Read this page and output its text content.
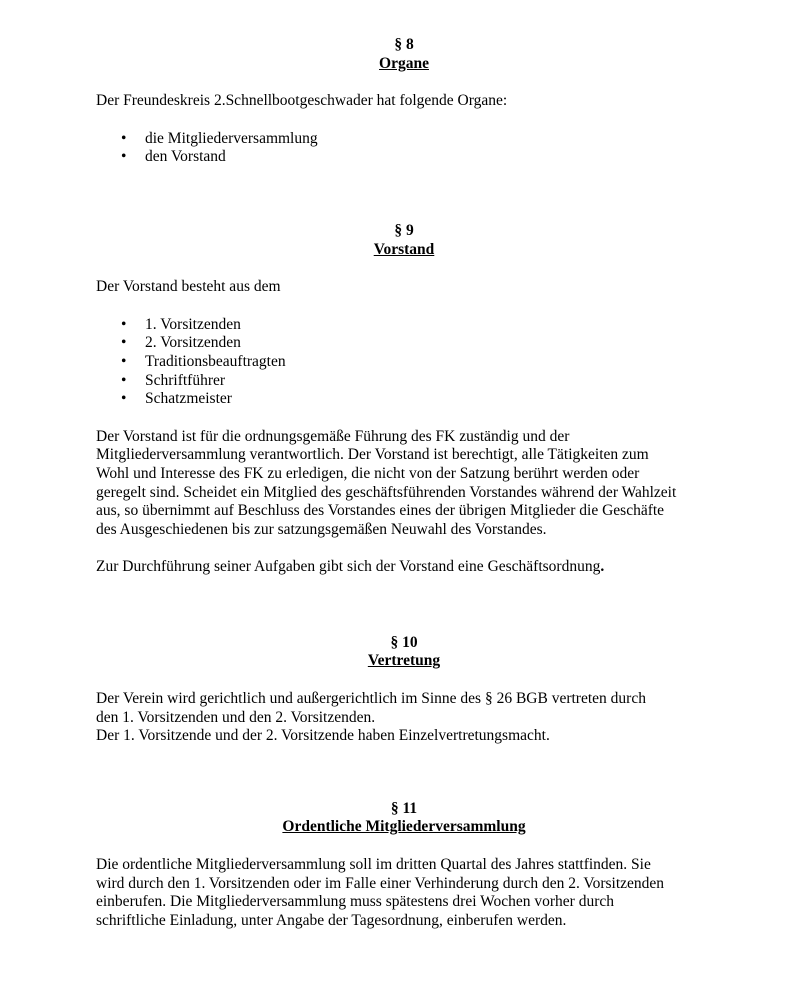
§ 8
Organe
Der Freundeskreis 2.Schnellbootgeschwader hat folgende Organe:
• die Mitgliederversammlung
• den Vorstand
§ 9
Vorstand
Der Vorstand besteht aus dem
• 1. Vorsitzenden
• 2. Vorsitzenden
• Traditionsbeauftragten
• Schriftführer
• Schatzmeister
Der Vorstand ist für die ordnungsgemäße Führung des FK zuständig und der
Mitgliederversammlung verantwortlich. Der Vorstand ist berechtigt, alle Tätigkeiten zum
Wohl und Interesse des FK zu erledigen, die nicht von der Satzung berührt werden oder
geregelt sind. Scheidet ein Mitglied des geschäftsführenden Vorstandes während der Wahlzeit
aus, so übernimmt auf Beschluss des Vorstandes eines der übrigen Mitglieder die Geschäfte
des Ausgeschiedenen bis zur satzungsgemäßen Neuwahl des Vorstandes.
Zur Durchführung seiner Aufgaben gibt sich der Vorstand eine Geschäftsordnung.
§ 10
Vertretung
Der Verein wird gerichtlich und außergerichtlich im Sinne des § 26 BGB vertreten durch
den 1. Vorsitzenden und den 2. Vorsitzenden.
Der 1. Vorsitzende und der 2. Vorsitzende haben Einzelvertretungsmacht.
§ 11
Ordentliche Mitgliederversammlung
Die ordentliche Mitgliederversammlung soll im dritten Quartal des Jahres stattfinden. Sie
wird durch den 1. Vorsitzenden oder im Falle einer Verhinderung durch den 2. Vorsitzenden
einberufen. Die Mitgliederversammlung muss spätestens drei Wochen vorher durch
schriftliche Einladung, unter Angabe der Tagesordnung, einberufen werden.
